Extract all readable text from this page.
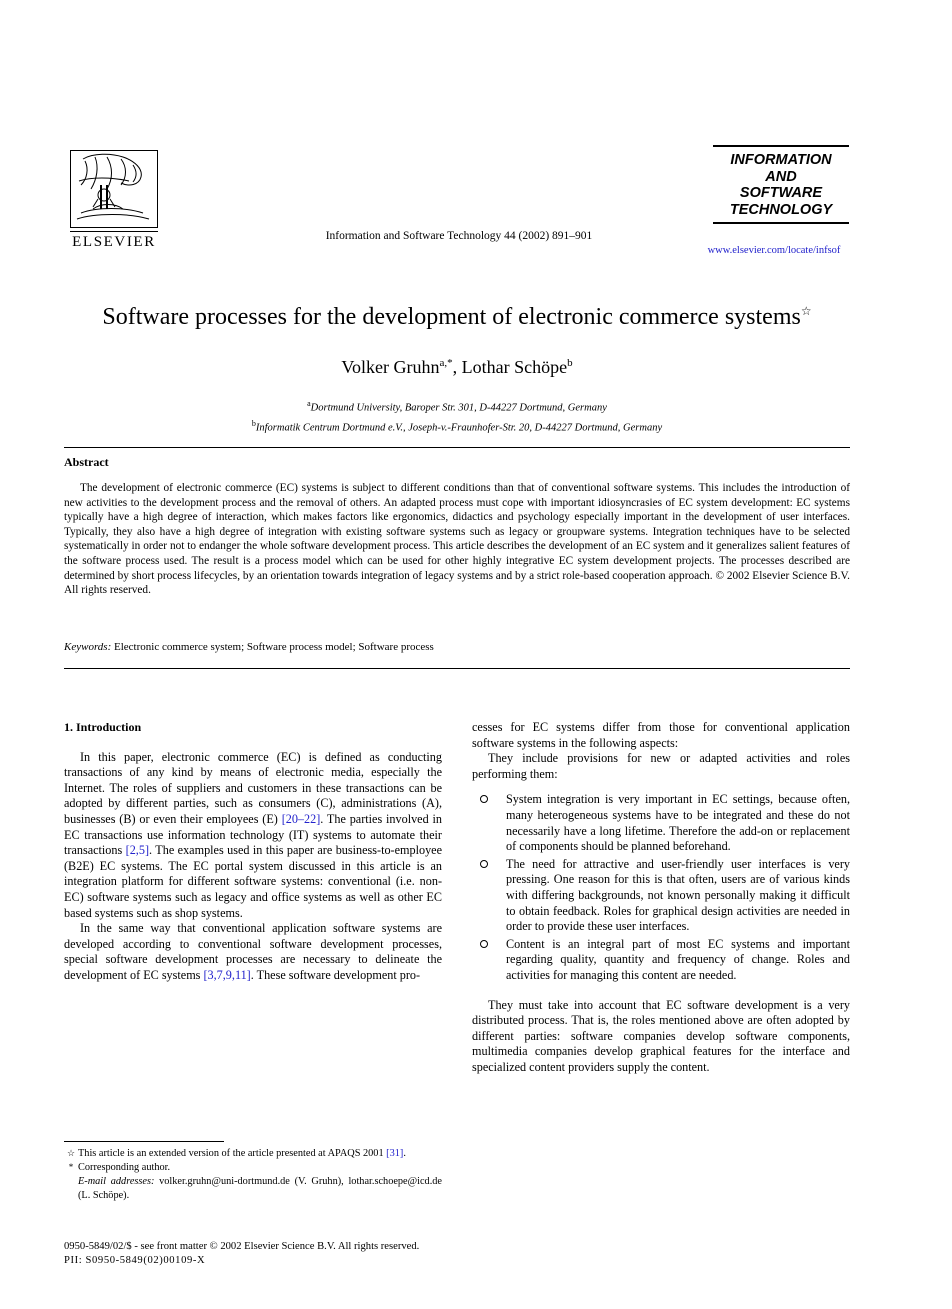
ELSEVIER	Information and Software Technology 44 (2002) 891–901
INFORMATION
AND
SOFTWARE
TECHNOLOGY
www.elsevier.com/locate/infsof
Software processes for the development of electronic commerce systems☆
Volker Gruhn$^{a,*}$, Lothar Schöpe$^b$
$^a$Dortmund University, Baroper Str. 301, D-44227 Dortmund, Germany
$^b$Informatik Centrum Dortmund e.V., Joseph-v.-Fraunhofer-Str. 20, D-44227 Dortmund, Germany
Abstract
The development of electronic commerce (EC) systems is subject to different conditions than that of conventional software systems. This includes the introduction of new activities to the development process and the removal of others. An adapted process must cope with important idiosyncrasies of EC system development: EC systems typically have a high degree of interaction, which makes factors like ergonomics, didactics and psychology especially important in the development of user interfaces. Typically, they also have a high degree of integration with existing software systems such as legacy or groupware systems. Integration techniques have to be selected systematically in order not to endanger the whole software development process. This article describes the development of an EC system and it generalizes salient features of the software process used. The result is a process model which can be used for other highly integrative EC system development projects. The processes described are determined by short process lifecycles, by an orientation towards integration of legacy systems and by a strict role-based cooperation approach. © 2002 Elsevier Science B.V. All rights reserved.
Keywords: Electronic commerce system; Software process model; Software process
1. Introduction

In this paper, electronic commerce (EC) is defined as conducting transactions of any kind by means of electronic media, especially the Internet. The roles of suppliers and customers in these transactions can be adopted by different parties, such as consumers (C), administrations (A), businesses (B) or even their employees (E) [20–22]. The parties involved in EC transactions use information technology (IT) systems to automate their transactions [2,5]. The examples used in this paper are business-to-employee (B2E) EC systems. The EC portal system discussed in this article is an integration platform for different software systems: conventional (i.e. non-EC) software systems such as legacy and office systems as well as other EC based systems such as shop systems.

In the same way that conventional application software systems are developed according to conventional software development processes, special software development processes are necessary to delineate the development of EC systems [3,7,9,11]. These software development pro-

cesses for EC systems differ from those for conventional application software systems in the following aspects:

They include provisions for new or adapted activities and roles performing them:

System integration is very important in EC settings, because often, many heterogeneous systems have to be integrated and these do not necessarily have a long lifetime. Therefore the add-on or replacement of components should be planned beforehand.
The need for attractive and user-friendly user interfaces is very pressing. One reason for this is that often, users are of various kinds with differing backgrounds, not known personally making it difficult to obtain feedback. Roles for graphical design activities are needed in order to provide these user interfaces.
Content is an integral part of most EC systems and important regarding quality, quantity and frequency of change. Roles and activities for managing this content are needed.

They must take into account that EC software development is a very distributed process. That is, the roles mentioned above are often adopted by different parties: software companies develop software components, multimedia companies develop graphical features for the interface and specialized content providers supply the content.

☆ This article is an extended version of the article presented at APAQS 2001 [31].
* Corresponding author.
E-mail addresses: volker.gruhn@uni-dortmund.de (V. Gruhn), lothar.schoepe@icd.de (L. Schöpe).
0950-5849/02/$ - see front matter © 2002 Elsevier Science B.V. All rights reserved.
PII: S0950-5849(02)00109-X
